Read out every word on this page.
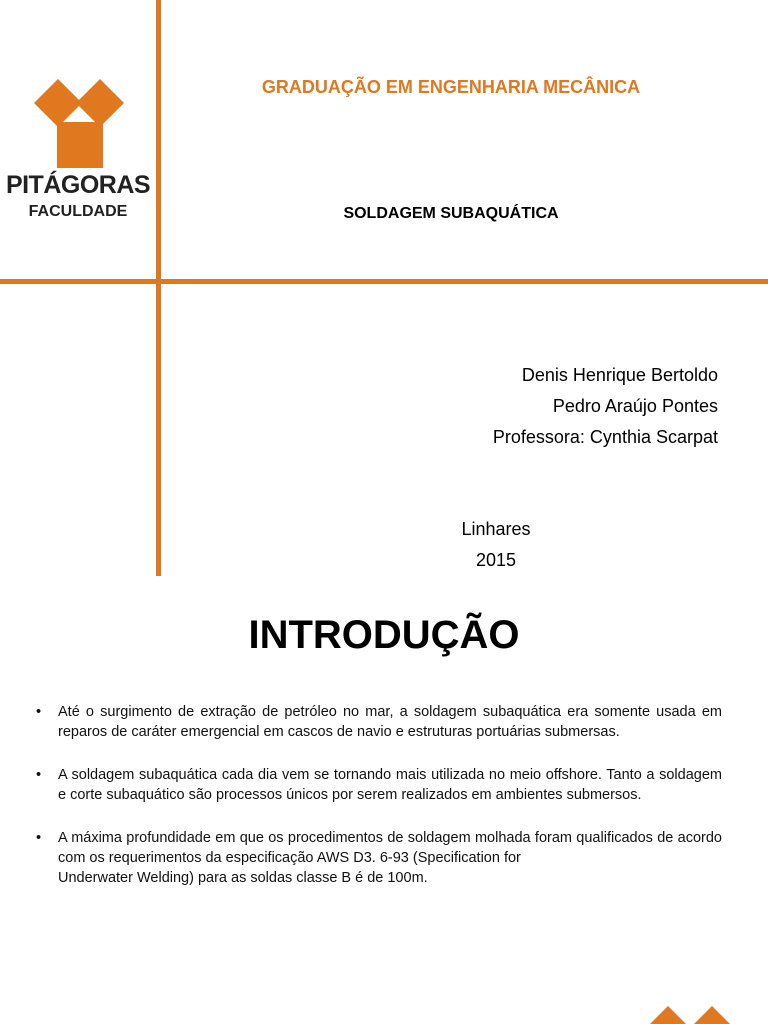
PITÁGORAS
FACULDADE
GRADUAÇÃO EM ENGENHARIA MECÂNICA
SOLDAGEM SUBAQUÁTICA
Denis Henrique Bertoldo
Pedro Araújo Pontes
Professora: Cynthia Scarpat
Linhares
2015
INTRODUÇÃO
• Até o surgimento de extração de petróleo no mar, a soldagem subaquática era somente usada em reparos de caráter emergencial em cascos de navio e estruturas portuárias submersas.
• A soldagem subaquática cada dia vem se tornando mais utilizada no meio offshore. Tanto a soldagem e corte subaquático são processos únicos por serem realizados em ambientes submersos.
• A máxima profundidade em que os procedimentos de soldagem molhada foram qualificados de acordo com os requerimentos da especificação AWS D3. 6-93 (Specification for
Underwater Welding) para as soldas classe B é de 100m.
